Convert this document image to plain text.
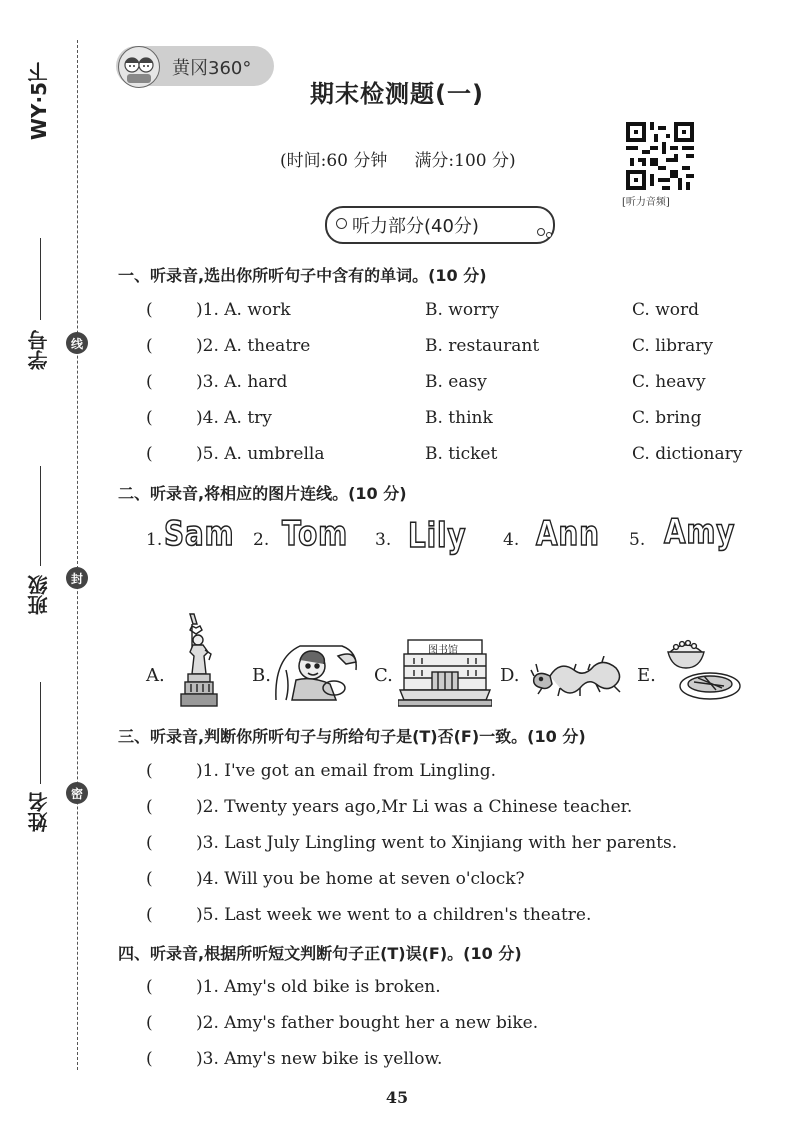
WY·5下
学号
班级
姓名
线
封
密
黄冈360°
期末检测题(一)
(时间:60 分钟 满分:100 分)
[听力音频]
听力部分(40分)
一、听录音,选出你所听句子中含有的单词。(10 分)
(	)1. A. work	B. worry	C. word
(	)2. A. theatre	B. restaurant	C. library
(	)3. A. hard	B. easy	C. heavy
(	)4. A. try	B. think	C. bring
(	)5. A. umbrella	B. ticket	C. dictionary
二、听录音,将相应的图片连线。(10 分)
1. Sam 2. Tom 3. Lily 4. Ann 5. Amy
A.	B.	C.
图书馆
D.	E.
三、听录音,判断你所听句子与所给句子是(T)否(F)一致。(10 分)
(	)1. I've got an email from Lingling.
(	)2. Twenty years ago,Mr Li was a Chinese teacher.
(	)3. Last July Lingling went to Xinjiang with her parents.
(	)4. Will you be home at seven o'clock?
(	)5. Last week we went to a children's theatre.
四、听录音,根据所听短文判断句子正(T)误(F)。(10 分)
(	)1. Amy's old bike is broken.
(	)2. Amy's father bought her a new bike.
(	)3. Amy's new bike is yellow.
45
